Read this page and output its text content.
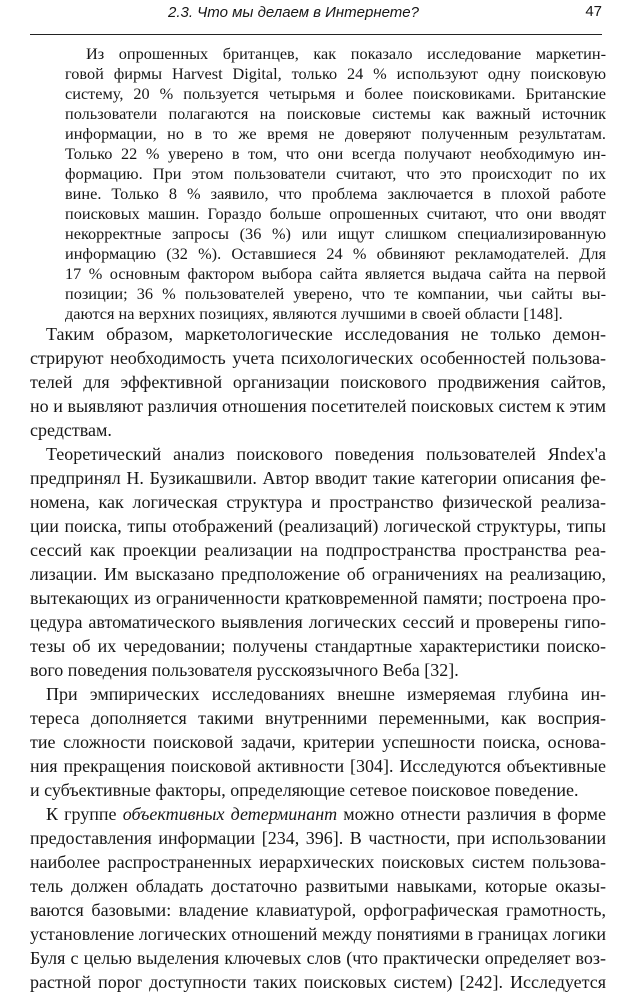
2.3. Что мы делаем в Интернете?	47
Из опрошенных британцев, как показало исследование маркетин-
говой фирмы Harvest Digital, только 24 % используют одну поисковую
систему, 20 % пользуется четырьмя и более поисковиками. Британские
пользователи полагаются на поисковые системы как важный источник
информации, но в то же время не доверяют полученным результатам.
Только 22 % уверено в том, что они всегда получают необходимую ин-
формацию. При этом пользователи считают, что это происходит по их
вине. Только 8 % заявило, что проблема заключается в плохой работе
поисковых машин. Гораздо больше опрошенных считают, что они вводят
некорректные запросы (36 %) или ищут слишком специализированную
информацию (32 %). Оставшиеся 24 % обвиняют рекламодателей. Для
17 % основным фактором выбора сайта является выдача сайта на первой
позиции; 36 % пользователей уверено, что те компании, чьи сайты вы-
даются на верхних позициях, являются лучшими в своей области [148].
Таким образом, маркетологические исследования не только демон-
стрируют необходимость учета психологических особенностей пользова-
телей для эффективной организации поискового продвижения сайтов,
но и выявляют различия отношения посетителей поисковых систем к этим
средствам.
Теоретический анализ поискового поведения пользователей Яndex'а
предпринял Н. Бузикашвили. Автор вводит такие категории описания фе-
номена, как логическая структура и пространство физической реализа-
ции поиска, типы отображений (реализаций) логической структуры, типы
сессий как проекции реализации на подпространства пространства реа-
лизации. Им высказано предположение об ограничениях на реализацию,
вытекающих из ограниченности кратковременной памяти; построена про-
цедура автоматического выявления логических сессий и проверены гипо-
тезы об их чередовании; получены стандартные характеристики поиско-
вого поведения пользователя русскоязычного Веба [32].
При эмпирических исследованиях внешне измеряемая глубина ин-
тереса дополняется такими внутренними переменными, как восприя-
тие сложности поисковой задачи, критерии успешности поиска, основа-
ния прекращения поисковой активности [304]. Исследуются объективные
и субъективные факторы, определяющие сетевое поисковое поведение.
К группе объективных детерминант можно отнести различия в форме
предоставления информации [234, 396]. В частности, при использовании
наиболее распространенных иерархических поисковых систем пользова-
тель должен обладать достаточно развитыми навыками, которые оказы-
ваются базовыми: владение клавиатурой, орфографическая грамотность,
установление логических отношений между понятиями в границах логики
Буля с целью выделения ключевых слов (что практически определяет воз-
растной порог доступности таких поисковых систем) [242]. Исследуется
